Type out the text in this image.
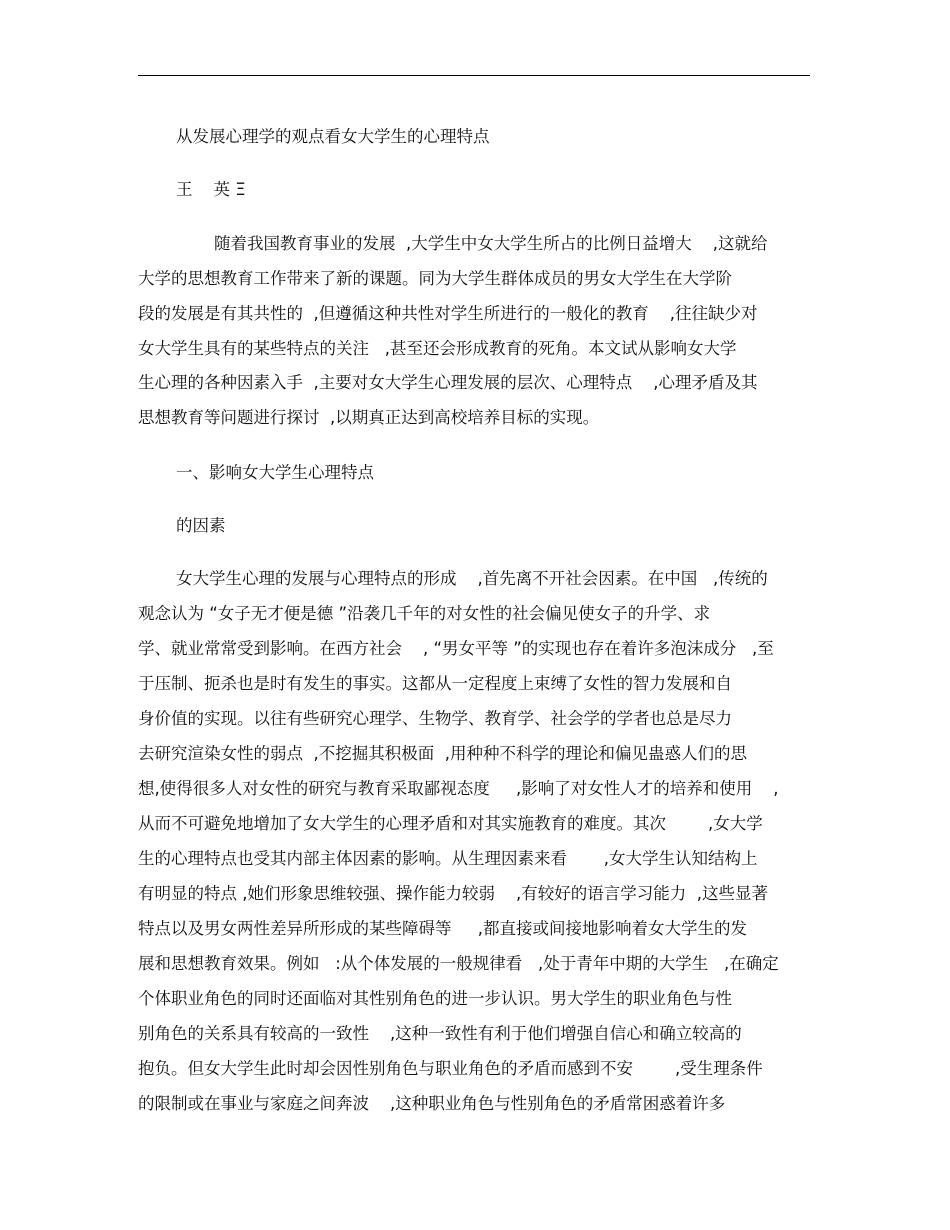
从发展心理学的观点看女大学生的心理特点
王    英 Ξ
随着我国教育事业的发展  ,大学生中女大学生所占的比例日益增大    ,这就给
大学的思想教育工作带来了新的课题。同为大学生群体成员的男女大学生在大学阶
段的发展是有其共性的  ,但遵循这种共性对学生所进行的一般化的教育    ,往往缺少对
女大学生具有的某些特点的关注   ,甚至还会形成教育的死角。本文试从影响女大学
生心理的各种因素入手  ,主要对女大学生心理发展的层次、心理特点    ,心理矛盾及其
思想教育等问题进行探讨  ,以期真正达到高校培养目标的实现。
一、影响女大学生心理特点
的因素
女大学生心理的发展与心理特点的形成    ,首先离不开社会因素。在中国   ,传统的
观念认为 “女子无才便是德 ”沿袭几千年的对女性的社会偏见使女子的升学、求
学、就业常常受到影响。在西方社会    , “男女平等 ”的实现也存在着许多泡沫成分   ,至
于压制、扼杀也是时有发生的事实。这都从一定程度上束缚了女性的智力发展和自
身价值的实现。以往有些研究心理学、生物学、教育学、社会学的学者也总是尽力
去研究渲染女性的弱点  ,不挖掘其积极面  ,用种种不科学的理论和偏见蛊惑人们的思
想,使得很多人对女性的研究与教育采取鄙视态度     ,影响了对女性人才的培养和使用    ,
从而不可避免地增加了女大学生的心理矛盾和对其实施教育的难度。其次        ,女大学
生的心理特点也受其内部主体因素的影响。从生理因素来看       ,女大学生认知结构上
有明显的特点 ,她们形象思维较强、操作能力较弱    ,有较好的语言学习能力  ,这些显著
特点以及男女两性差异所形成的某些障碍等     ,都直接或间接地影响着女大学生的发
展和思想教育效果。例如   :从个体发展的一般规律看   ,处于青年中期的大学生   ,在确定
个体职业角色的同时还面临对其性别角色的进一步认识。男大学生的职业角色与性
别角色的关系具有较高的一致性    ,这种一致性有利于他们增强自信心和确立较高的
抱负。但女大学生此时却会因性别角色与职业角色的矛盾而感到不安        ,受生理条件
的限制或在事业与家庭之间奔波    ,这种职业角色与性别角色的矛盾常困惑着许多
